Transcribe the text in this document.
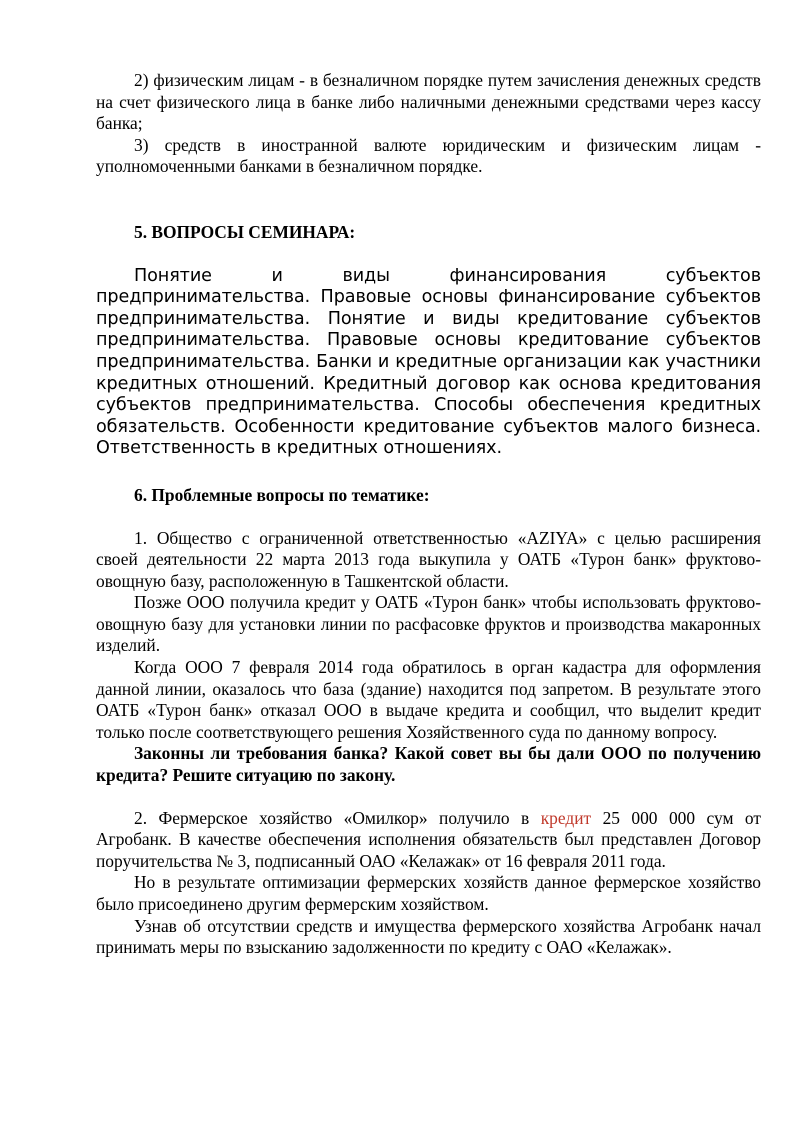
2) физическим лицам - в безналичном порядке путем зачисления денежных средств на счет физического лица в банке либо наличными денежными средствами через кассу банка;

3) средств в иностранной валюте юридическим и физическим лицам - уполномоченными банками в безналичном порядке.

5. ВОПРОСЫ СЕМИНАРА:

Понятие и виды финансирования субъектов предпринимательства. Правовые основы финансирование субъектов предпринимательства. Понятие и виды кредитование субъектов предпринимательства. Правовые основы кредитование субъектов предпринимательства. Банки и кредитные организации как участники кредитных отношений. Кредитный договор как основа кредитования субъектов предпринимательства. Способы обеспечения кредитных обязательств. Особенности кредитование субъектов малого бизнеса. Ответственность в кредитных отношениях.

6. Проблемные вопросы по тематике:

1. Общество с ограниченной ответственностью «AZIYA» с целью расширения своей деятельности 22 марта 2013 года выкупила у ОАТБ «Турон банк» фруктово-овощную базу, расположенную в Ташкентской области.

Позже ООО получила кредит у ОАТБ «Турон банк» чтобы использовать фруктово-овощную базу для установки линии по расфасовке фруктов и производства макаронных изделий.

Когда ООО 7 февраля 2014 года обратилось в орган кадастра для оформления данной линии, оказалось что база (здание) находится под запретом. В результате этого ОАТБ «Турон банк» отказал ООО в выдаче кредита и сообщил, что выделит кредит только после соответствующего решения Хозяйственного суда по данному вопросу.

Законны ли требования банка? Какой совет вы бы дали ООО по получению кредита? Решите ситуацию по закону.

2. Фермерское хозяйство «Омилкор» получило в кредит 25 000 000 сум от Агробанк. В качестве обеспечения исполнения обязательств был представлен Договор поручительства № 3, подписанный ОАО «Келажак» от 16 февраля 2011 года.

Но в результате оптимизации фермерских хозяйств данное фермерское хозяйство было присоединено другим фермерским хозяйством.

Узнав об отсутствии средств и имущества фермерского хозяйства Агробанк начал принимать меры по взысканию задолженности по кредиту с ОАО «Келажак».
